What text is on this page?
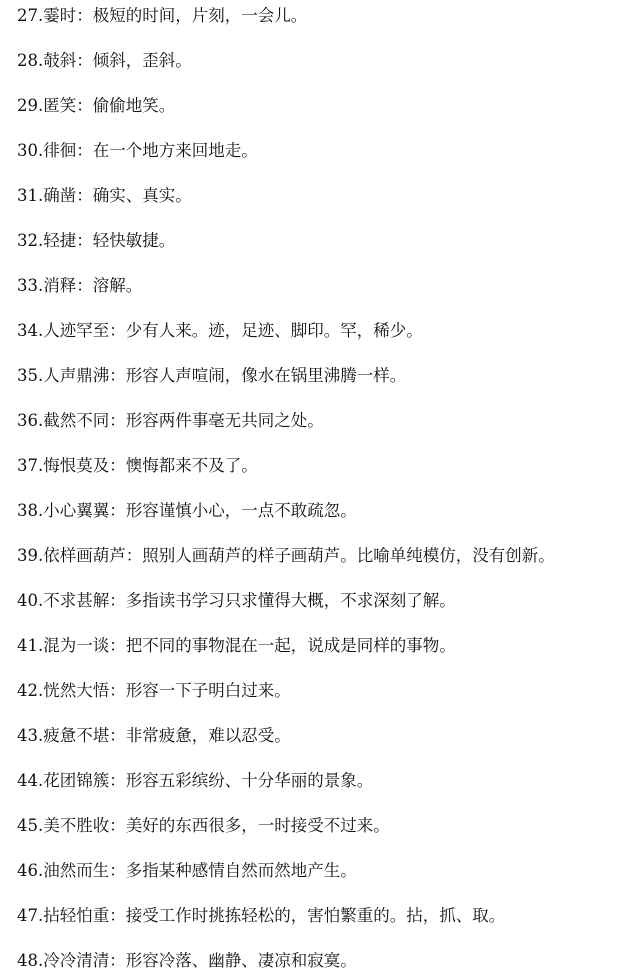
27.霎时：极短的时间，片刻，一会儿。
28.攲斜：倾斜，歪斜。
29.匿笑：偷偷地笑。
30.徘徊：在一个地方来回地走。
31.确凿：确实、真实。
32.轻捷：轻快敏捷。
33.消释：溶解。
34.人迹罕至：少有人来。迹，足迹、脚印。罕，稀少。
35.人声鼎沸：形容人声喧闹，像水在锅里沸腾一样。
36.截然不同：形容两件事毫无共同之处。
37.悔恨莫及：懊悔都来不及了。
38.小心翼翼：形容谨慎小心，一点不敢疏忽。
39.依样画葫芦：照别人画葫芦的样子画葫芦。比喻单纯模仿，没有创新。
40.不求甚解：多指读书学习只求懂得大概，不求深刻了解。
41.混为一谈：把不同的事物混在一起，说成是同样的事物。
42.恍然大悟：形容一下子明白过来。
43.疲惫不堪：非常疲惫，难以忍受。
44.花团锦簇：形容五彩缤纷、十分华丽的景象。
45.美不胜收：美好的东西很多，一时接受不过来。
46.油然而生：多指某种感情自然而然地产生。
47.拈轻怕重：接受工作时挑拣轻松的，害怕繁重的。拈，抓、取。
48.冷冷清清：形容冷落、幽静、凄凉和寂寞。
